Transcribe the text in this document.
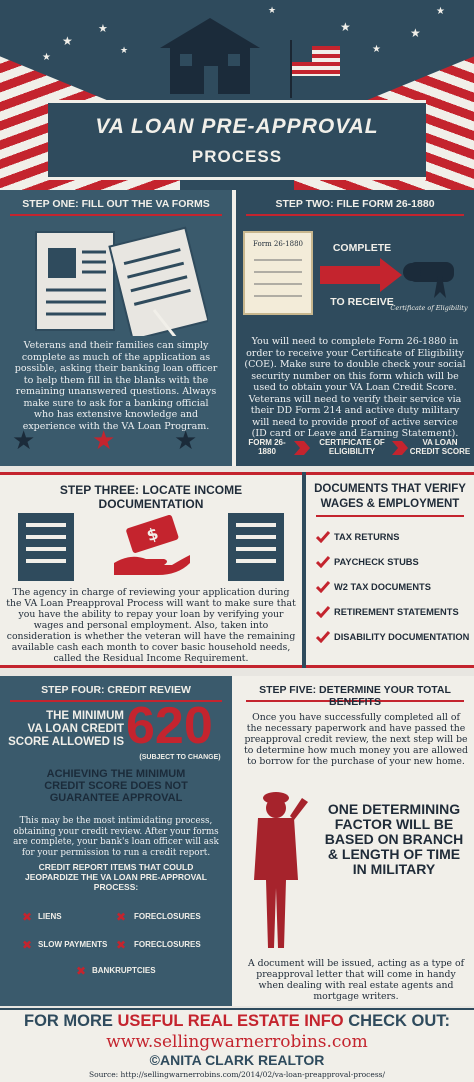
★
★
★
★
★
★
★
★
★
VA LOAN PRE-APPROVAL
PROCESS
STEP ONE: FILL OUT THE VA FORMS
Veterans and their families can simply complete as much of the application as possible, asking their banking loan officer to help them fill in the blanks with the remaining unanswered questions. Always make sure to ask for a banking official who has extensive knowledge and experience with the VA Loan Program.
★ ★ ★
STEP TWO: FILE FORM 26-1880
Form 26-1880	COMPLETE
TO RECEIVE
Certificate of Eligibility
You will need to complete Form 26-1880 in order to receive your Certificate of Eligibility (COE). Make sure to double check your social security number on this form which will be used to obtain your VA Loan Credit Score. Veterans will need to verify their service via their DD Form 214 and active duty military will need to provide proof of active service (ID card or Leave and Earning Statement).
FORM 26-1880
CERTIFICATE OF ELIGIBILITY
VA LOAN CREDIT SCORE
STEP THREE: LOCATE INCOME DOCUMENTATION
$
The agency in charge of reviewing your application during the VA Loan Preapproval Process will want to make sure that you have the ability to repay your loan by verifying your wages and personal employment. Also, taken into consideration is whether the veteran will have the remaining available cash each month to cover basic household needs, called the Residual Income Requirement.
DOCUMENTS THAT VERIFY
WAGES & EMPLOYMENT
TAX RETURNS
PAYCHECK STUBS
W2 TAX DOCUMENTS
RETIREMENT STATEMENTS
DISABILITY DOCUMENTATION
STEP FOUR: CREDIT REVIEW
THE MINIMUM
VA LOAN CREDIT
SCORE ALLOWED IS 620
(SUBJECT TO CHANGE)
ACHIEVING THE MINIMUM
CREDIT SCORE DOES NOT
GUARANTEE APPROVAL
This may be the most intimidating process, obtaining your credit review. After your forms are complete, your bank's loan officer will ask for your permission to run a credit report.
CREDIT REPORT ITEMS THAT COULD JEOPARDIZE THE VA LOAN PRE-APPROVAL PROCESS:
✖ LIENS	✖ FORECLOSURES
✖ SLOW PAYMENTS ✖ FORECLOSURES
✖ BANKRUPTCIES
STEP FIVE: DETERMINE YOUR TOTAL BENEFITS
Once you have successfully completed all of the necessary paperwork and have passed the preapproval credit review, the next step will be to determine how much money you are allowed to borrow for the purchase of your new home.
ONE DETERMINING
FACTOR WILL BE
BASED ON BRANCH
& LENGTH OF TIME
IN MILITARY
A document will be issued, acting as a type of preapproval letter that will come in handy when dealing with real estate agents and mortgage writers.
FOR MORE USEFUL REAL ESTATE INFO CHECK OUT:
www.sellingwarnerrobins.com
©ANITA CLARK REALTOR
Source: http://sellingwarnerrobins.com/2014/02/va-loan-preapproval-process/
